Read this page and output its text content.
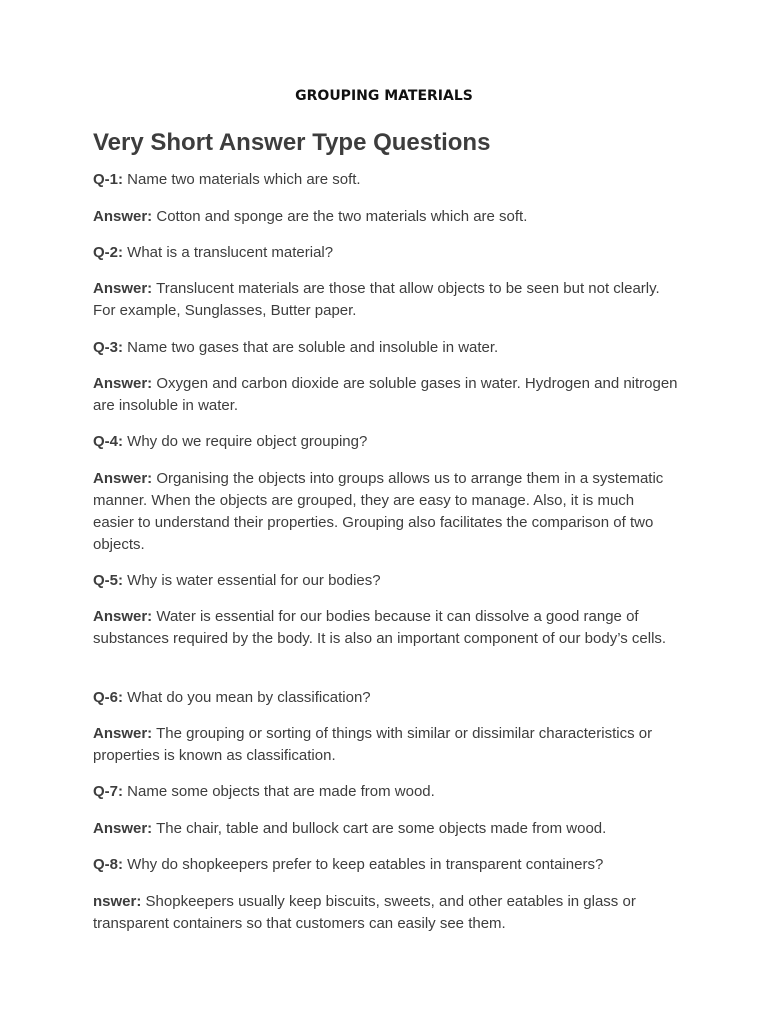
GROUPING MATERIALS
Very Short Answer Type Questions

Q-1: Name two materials which are soft.

Answer: Cotton and sponge are the two materials which are soft.

Q-2: What is a translucent material?

Answer: Translucent materials are those that allow objects to be seen but not clearly. For example, Sunglasses, Butter paper.

Q-3: Name two gases that are soluble and insoluble in water.

Answer: Oxygen and carbon dioxide are soluble gases in water. Hydrogen and nitrogen are insoluble in water.

Q-4: Why do we require object grouping?

Answer: Organising the objects into groups allows us to arrange them in a systematic manner. When the objects are grouped, they are easy to manage. Also, it is much easier to understand their properties. Grouping also facilitates the comparison of two objects.

Q-5: Why is water essential for our bodies?

Answer: Water is essential for our bodies because it can dissolve a good range of substances required by the body. It is also an important component of our body’s cells.

Q-6: What do you mean by classification?

Answer: The grouping or sorting of things with similar or dissimilar characteristics or properties is known as classification.

Q-7: Name some objects that are made from wood.

Answer: The chair, table and bullock cart are some objects made from wood.

Q-8: Why do shopkeepers prefer to keep eatables in transparent containers?

nswer: Shopkeepers usually keep biscuits, sweets, and other eatables in glass or transparent containers so that customers can easily see them.
